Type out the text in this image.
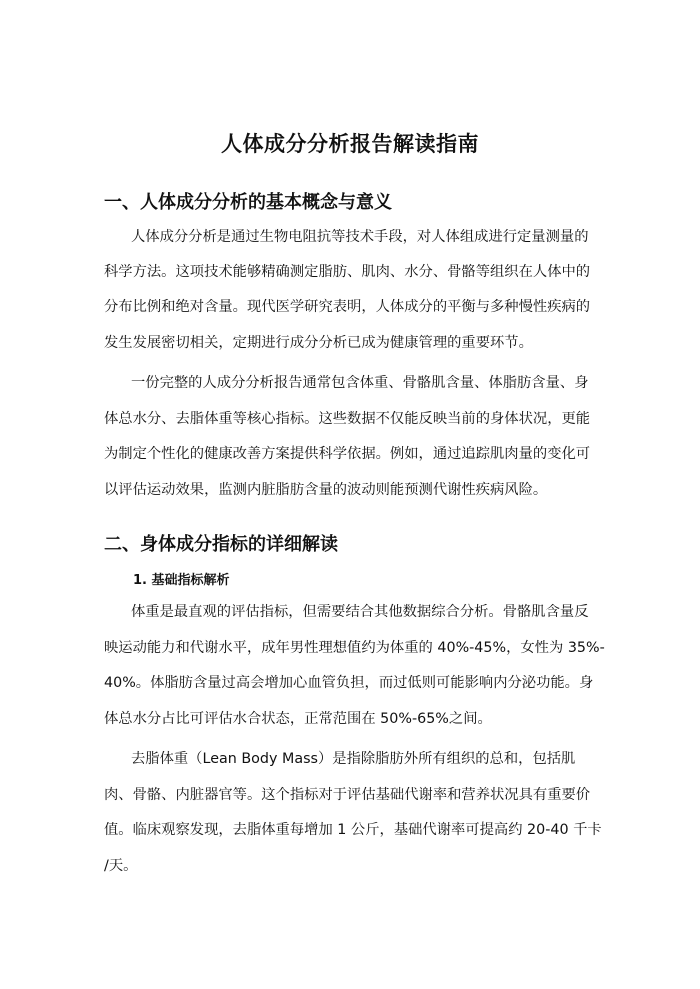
人体成分分析报告解读指南
一、人体成分分析的基本概念与意义
人体成分分析是通过生物电阻抗等技术手段，对人体组成进行定量测量的
科学方法。这项技术能够精确测定脂肪、肌肉、水分、骨骼等组织在人体中的
分布比例和绝对含量。现代医学研究表明，人体成分的平衡与多种慢性疾病的
发生发展密切相关，定期进行成分分析已成为健康管理的重要环节。
一份完整的人成分分析报告通常包含体重、骨骼肌含量、体脂肪含量、身
体总水分、去脂体重等核心指标。这些数据不仅能反映当前的身体状况，更能
为制定个性化的健康改善方案提供科学依据。例如，通过追踪肌肉量的变化可
以评估运动效果，监测内脏脂肪含量的波动则能预测代谢性疾病风险。
二、身体成分指标的详细解读
1. 基础指标解析
体重是最直观的评估指标，但需要结合其他数据综合分析。骨骼肌含量反
映运动能力和代谢水平，成年男性理想值约为体重的 40%-45%，女性为 35%-
40%。体脂肪含量过高会增加心血管负担，而过低则可能影响内分泌功能。身
体总水分占比可评估水合状态，正常范围在 50%-65%之间。
去脂体重（Lean Body Mass）是指除脂肪外所有组织的总和，包括肌
肉、骨骼、内脏器官等。这个指标对于评估基础代谢率和营养状况具有重要价
值。临床观察发现，去脂体重每增加 1 公斤，基础代谢率可提高约 20-40 千卡
/天。
